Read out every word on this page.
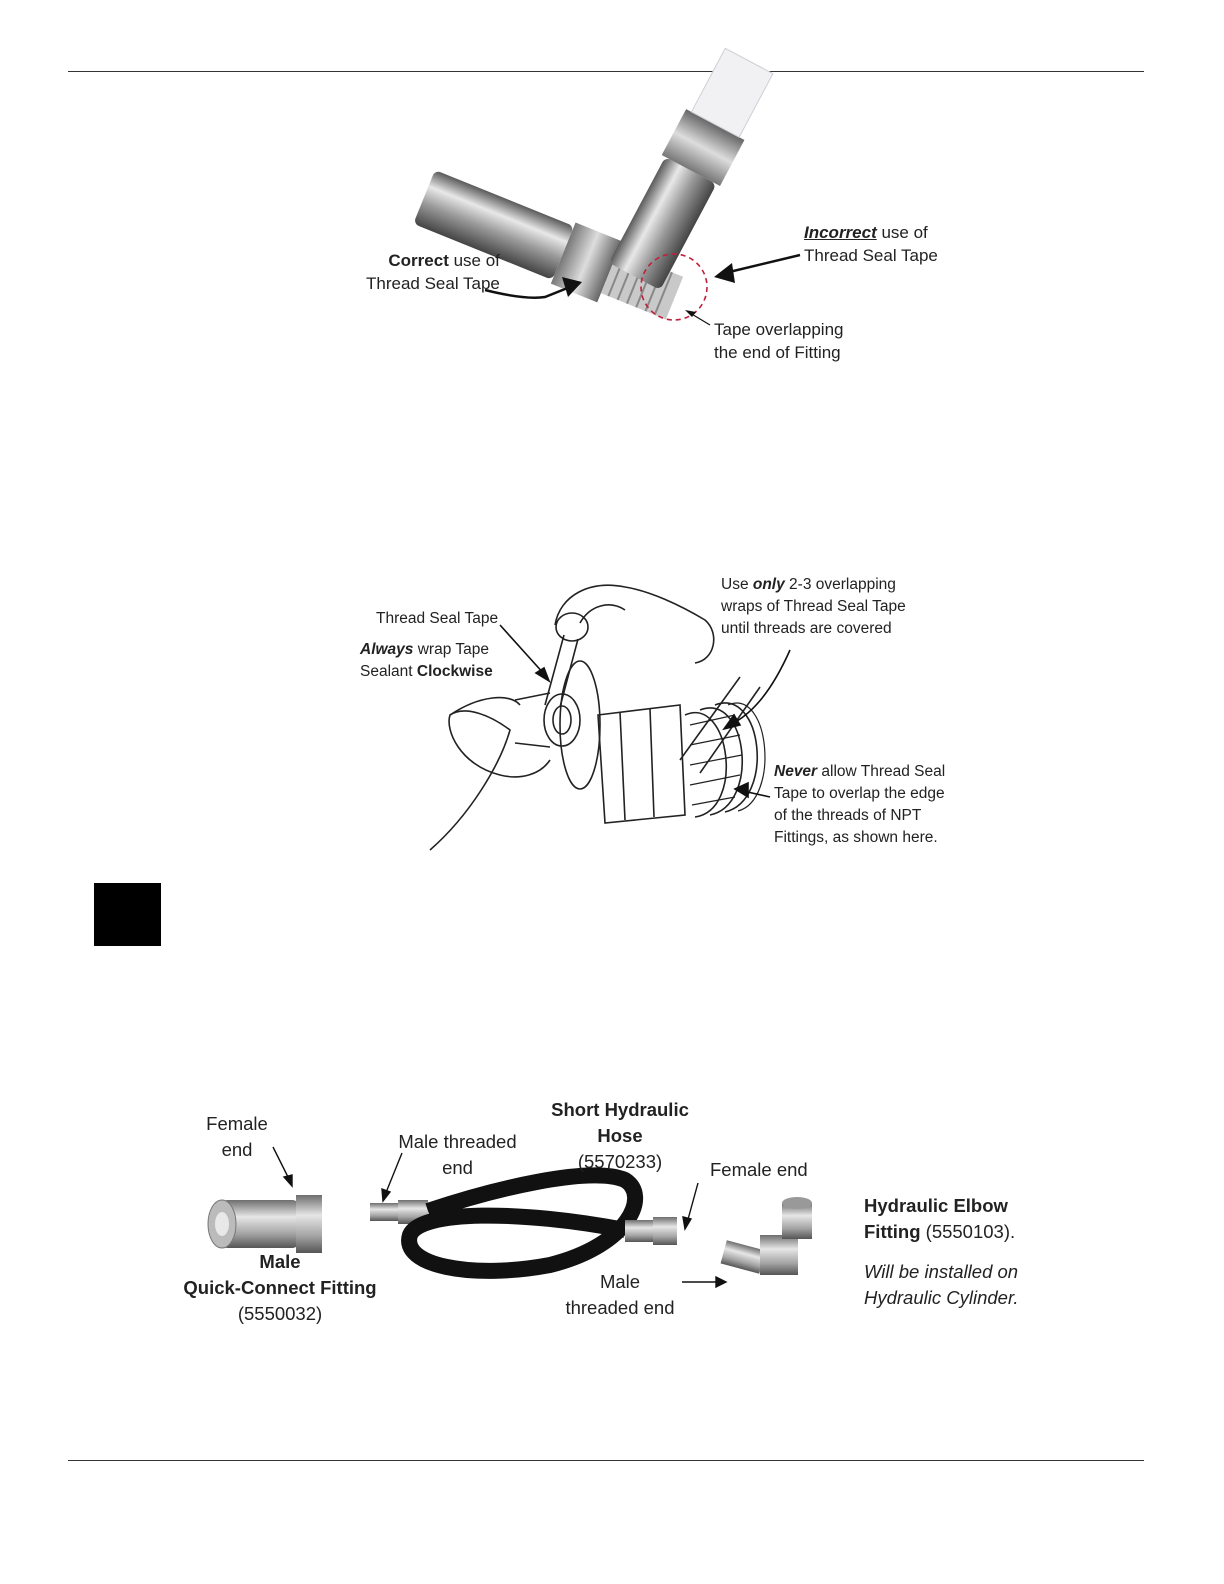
Correct use of
Thread Seal Tape
Incorrect use of
Thread Seal Tape
Tape overlapping
the end of Fitting
Thread Seal Tape
Always wrap Tape
Sealant Clockwise
Use only 2-3 overlapping
wraps of Thread Seal Tape
until threads are covered
Never allow Thread Seal
Tape to overlap the edge
of the threads of NPT
Fittings, as shown here.
Female
end
Male
Quick-Connect Fitting
(5550032)
Male threaded
end
Short Hydraulic
Hose
(5570233)	Female end
Male
threaded end
Hydraulic Elbow
Fitting (5550103).

Will be installed on
Hydraulic Cylinder.
